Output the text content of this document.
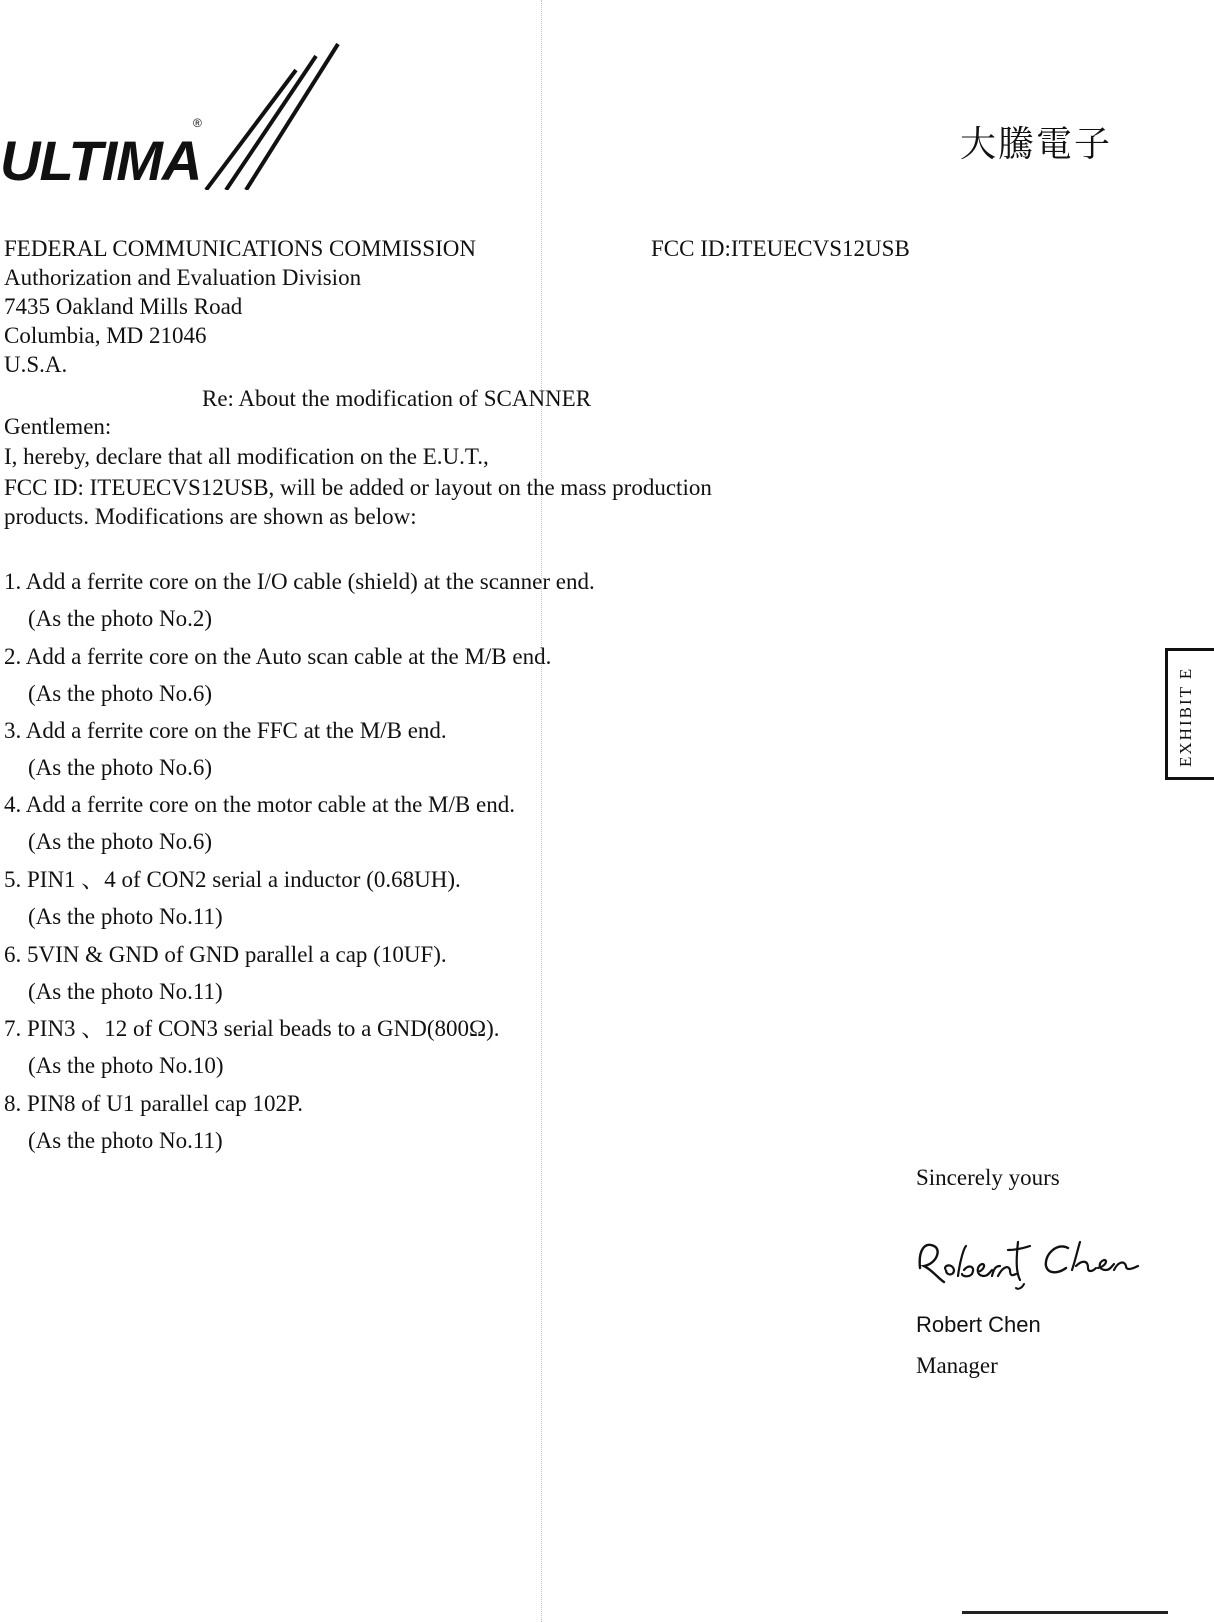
ULTIMA
®
大騰電子
FEDERAL COMMUNICATIONS COMMISSION
Authorization and Evaluation Division
7435 Oakland Mills Road
Columbia, MD 21046
U.S.A.
FCC ID:ITEUECVS12USB
Re: About the modification of SCANNER
Gentlemen:
I, hereby, declare that all modification on the E.U.T.,
FCC ID: ITEUECVS12USB, will be added or layout on the mass production
products. Modifications are shown as below:
1. Add a ferrite core on the I/O cable (shield) at the scanner end.
(As the photo No.2)
2. Add a ferrite core on the Auto scan cable at the M/B end.
(As the photo No.6)
3. Add a ferrite core on the FFC at the M/B end.
(As the photo No.6)
4. Add a ferrite core on the motor cable at the M/B end.
(As the photo No.6)
5. PIN1 、4 of CON2 serial a inductor (0.68UH).
(As the photo No.11)
6. 5VIN & GND of GND parallel a cap (10UF).
(As the photo No.11)
7. PIN3 、12 of CON3 serial beads to a GND(800Ω).
(As the photo No.10)
8. PIN8 of U1 parallel cap 102P.
(As the photo No.11)
Sincerely yours
Robert Chen
Manager
EXHIBIT E
